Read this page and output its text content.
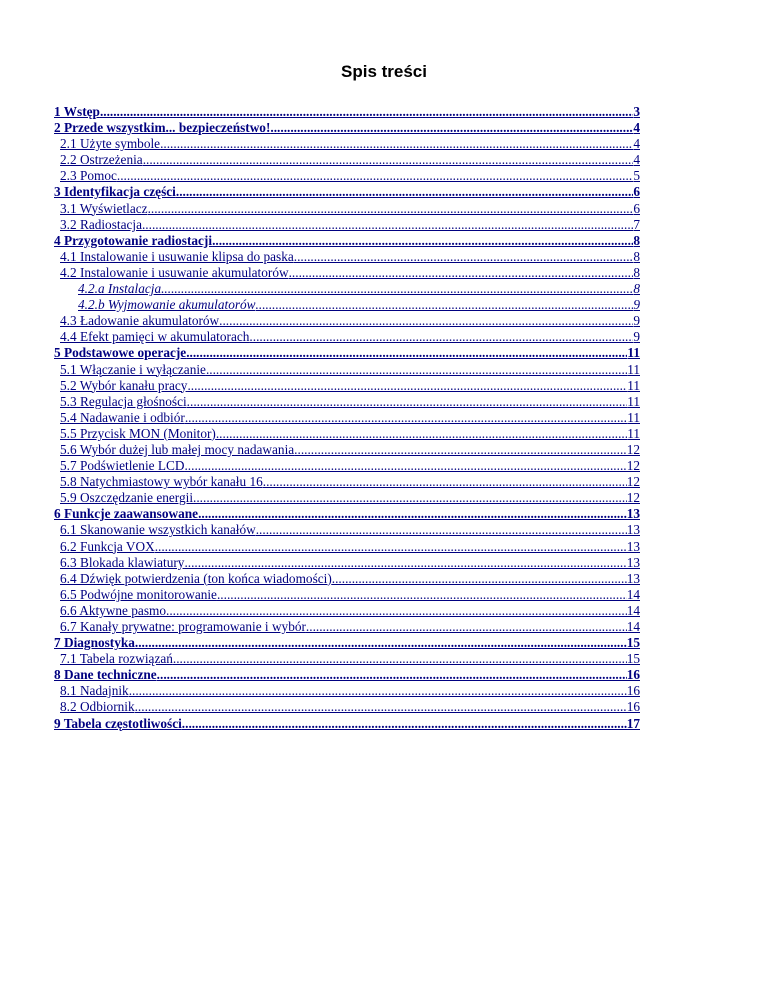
Spis treści
1 Wstęp .....	3
2 Przede wszystkim... bezpieczeństwo! .....	4
2.1 Użyte symbole .....	4
2.2 Ostrzeżenia .....	4
2.3 Pomoc .....	5
3 Identyfikacja części .....	6
3.1 Wyświetlacz .....	6
3.2 Radiostacja .....	7
4 Przygotowanie radiostacji .....	8
4.1 Instalowanie i usuwanie klipsa do paska .....	8
4.2 Instalowanie i usuwanie akumulatorów .....	8
4.2.a Instalacja .....	8
4.2.b Wyjmowanie akumulatorów .....	9
4.3 Ładowanie akumulatorów .....	9
4.4 Efekt pamięci w akumulatorach .....	9
5 Podstawowe operacje .....	11
5.1 Włączanie i wyłączanie .....	11
5.2 Wybór kanału pracy .....	11
5.3 Regulacja głośności .....	11
5.4 Nadawanie i odbiór .....	11
5.5 Przycisk MON (Monitor) .....	11
5.6 Wybór dużej lub małej mocy nadawania .....	12
5.7 Podświetlenie LCD .....	12
5.8 Natychmiastowy wybór kanału 16 .....	12
5.9 Oszczędzanie energii .....	12
6 Funkcje zaawansowane .....	13
6.1 Skanowanie wszystkich kanałów .....	13
6.2 Funkcja VOX .....	13
6.3 Blokada klawiatury .....	13
6.4 Dźwięk potwierdzenia (ton końca wiadomości) .....	13
6.5 Podwójne monitorowanie .....	14
6.6 Aktywne pasmo .....	14
6.7 Kanały prywatne: programowanie i wybór .....	14
7 Diagnostyka .....	15
7.1 Tabela rozwiązań .....	15
8 Dane techniczne .....	16
8.1 Nadajnik .....	16
8.2 Odbiornik .....	16
9 Tabela częstotliwości .....	17
